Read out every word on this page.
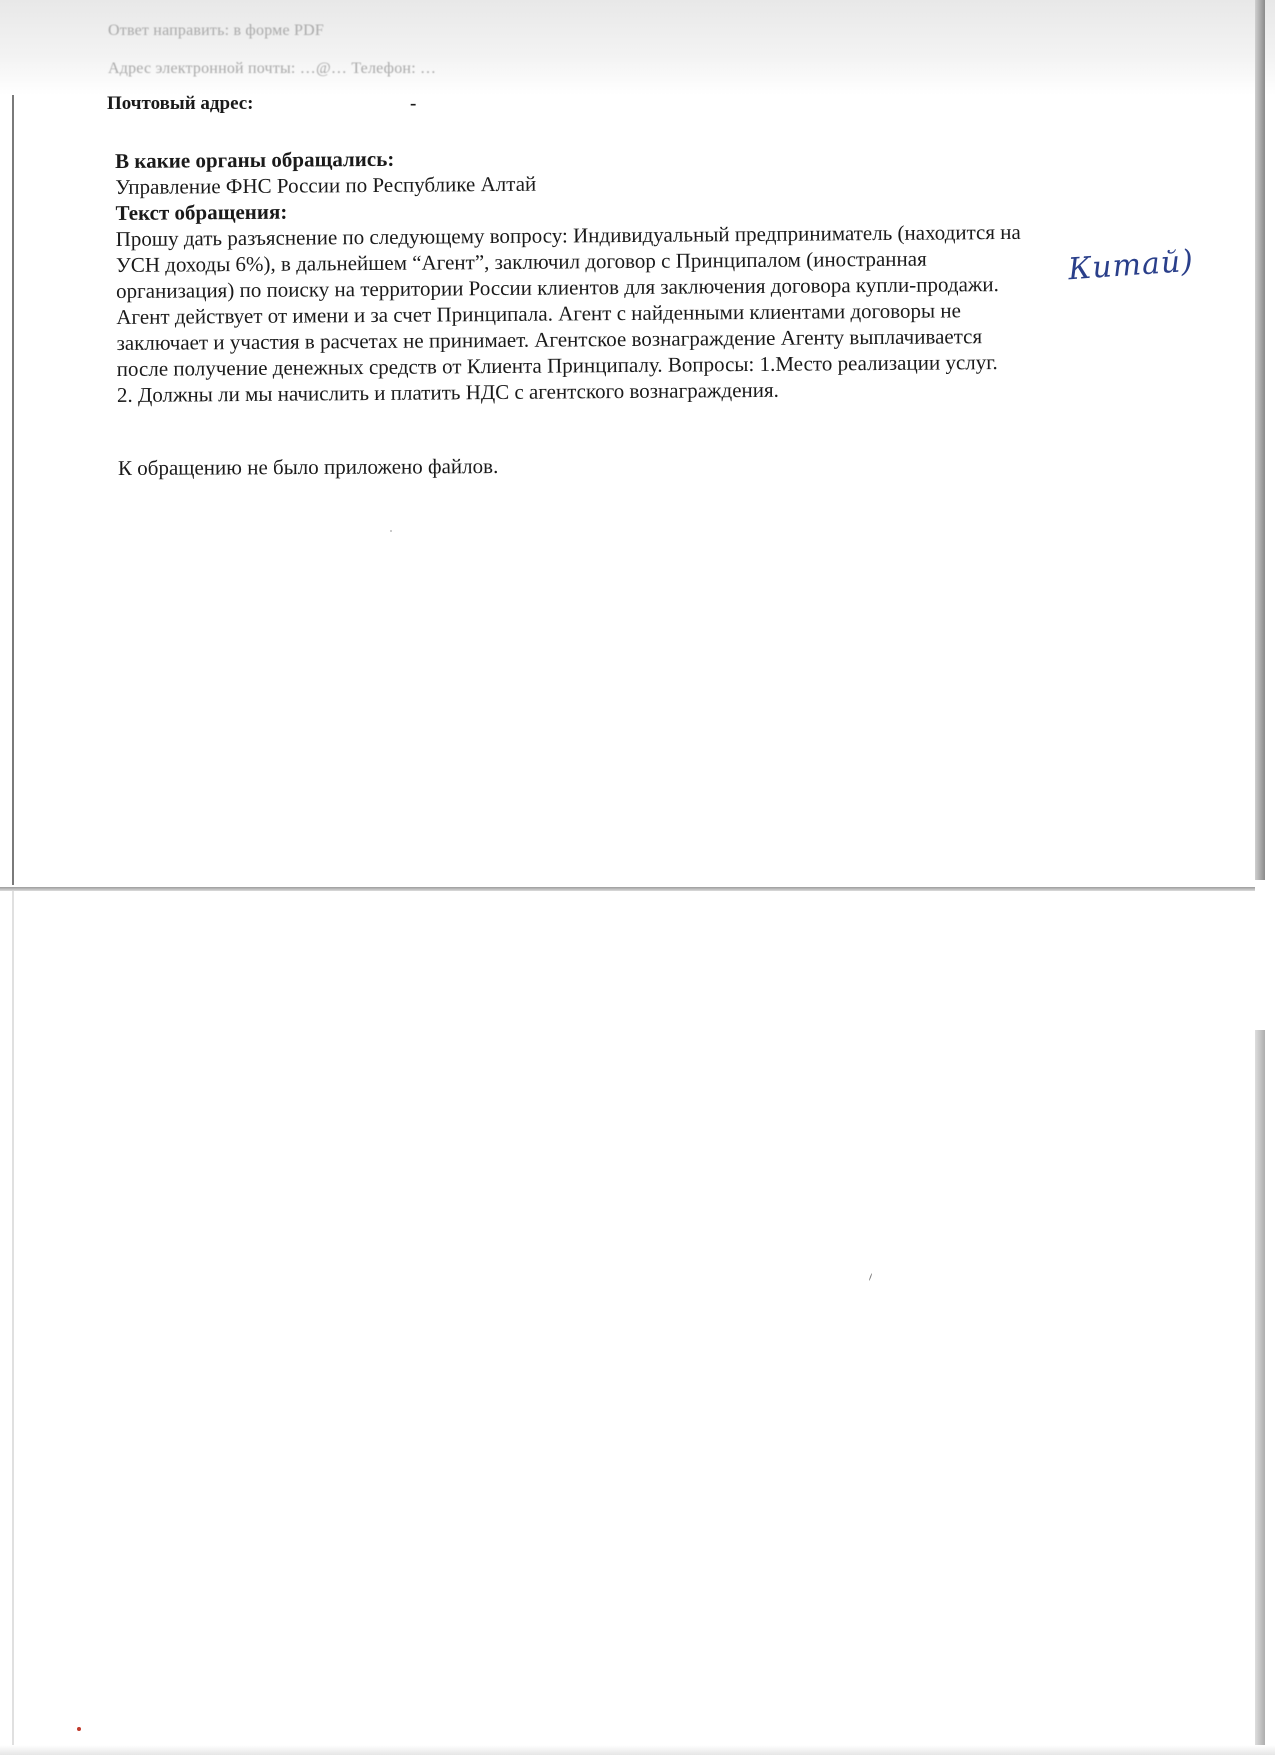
Ответ направить: в форме PDF
Адрес электронной почты: …@… Телефон: …
Почтовый адрес:	-
В какие органы обращались:
Управление ФНС России по Республике Алтай
Текст обращения:
Прошу дать разъяснение по следующему вопросу: Индивидуальный предприниматель (находится на
УСН доходы 6%), в дальнейшем “Агент”, заключил договор с Принципалом (иностранная
организация) по поиску на территории России клиентов для заключения договора купли-продажи.
Агент действует от имени и за счет Принципала. Агент с найденными клиентами договоры не
заключает и участия в расчетах не принимает. Агентское вознаграждение Агенту выплачивается
после получение денежных средств от Клиента Принципалу. Вопросы: 1.Место реализации услуг.
2. Должны ли мы начислить и платить НДС с агентского вознаграждения.
Китай)
К обращению не было приложено файлов.
